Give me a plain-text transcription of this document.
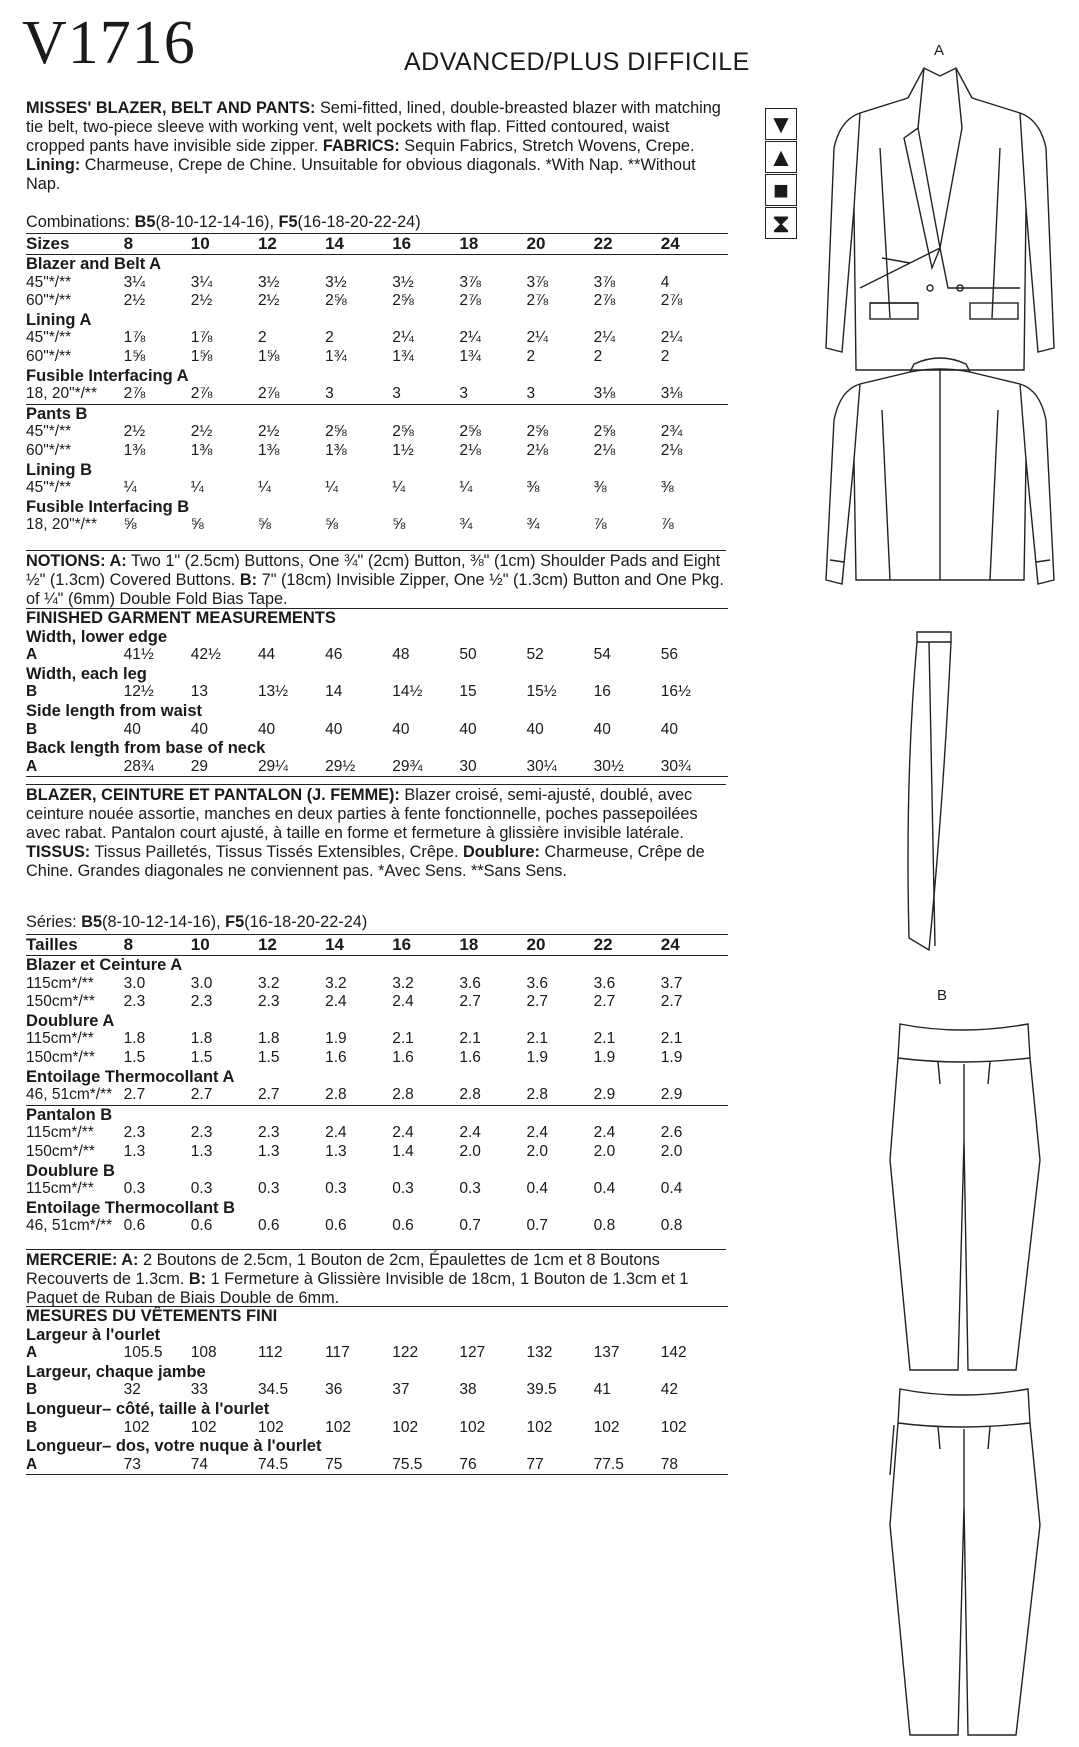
V1716	ADVANCED/PLUS DIFFICILE
MISSES' BLAZER, BELT AND PANTS: Semi-fitted, lined, double-breasted blazer with matching tie belt, two-piece sleeve with working vent, welt pockets with flap. Fitted contoured, waist cropped pants have invisible side zipper. FABRICS: Sequin Fabrics, Stretch Wovens, Crepe. Lining: Charmeuse, Crepe de Chine. Unsuitable for obvious diagonals. *With Nap. **Without Nap.
Combinations: B5(8-10-12-14-16), F5(16-18-20-22-24)
Sizes	8	10	12	14	16	18	20	22	24
Blazer and Belt A									
45"*/**	3¼	3¼	3½	3½	3½	3⅞	3⅞	3⅞	4
60"*/**	2½	2½	2½	2⅝	2⅝	2⅞	2⅞	2⅞	2⅞
Lining A									
45"*/**	1⅞	1⅞	2	2	2¼	2¼	2¼	2¼	2¼
60"*/**	1⅝	1⅝	1⅝	1¾	1¾	1¾	2	2	2
Fusible Interfacing A									
18, 20"*/**	2⅞	2⅞	2⅞	3	3	3	3	3⅛	3⅛
Pants B									
45"*/**	2½	2½	2½	2⅝	2⅝	2⅝	2⅝	2⅝	2¾
60"*/**	1⅜	1⅜	1⅜	1⅜	1½	2⅛	2⅛	2⅛	2⅛
Lining B									
45"*/**	¼	¼	¼	¼	¼	¼	⅜	⅜	⅜
Fusible Interfacing B									
18, 20"*/**	⅝	⅝	⅝	⅝	⅝	¾	¾	⅞	⅞
NOTIONS: A: Two 1" (2.5cm) Buttons, One ¾" (2cm) Button, ⅜" (1cm) Shoulder Pads and Eight ½" (1.3cm) Covered Buttons. B: 7" (18cm) Invisible Zipper, One ½" (1.3cm) Button and One Pkg. of ¼" (6mm) Double Fold Bias Tape.
FINISHED GARMENT MEASUREMENTS									
Width, lower edge									
A	41½	42½	44	46	48	50	52	54	56
Width, each leg									
B	12½	13	13½	14	14½	15	15½	16	16½
Side length from waist									
B	40	40	40	40	40	40	40	40	40
Back length from base of neck									
A	28¾	29	29¼	29½	29¾	30	30¼	30½	30¾

BLAZER, CEINTURE ET PANTALON (J. FEMME): Blazer croisé, semi-ajusté, doublé, avec ceinture nouée assortie, manches en deux parties à fente fonctionnelle, poches passepoilées avec rabat. Pantalon court ajusté, à taille en forme et fermeture à glissière invisible latérale. TISSUS: Tissus Pailletés, Tissus Tissés Extensibles, Crêpe. Doublure: Charmeuse, Crêpe de Chine. Grandes diagonales ne conviennent pas. *Avec Sens. **Sans Sens.
Séries: B5(8-10-12-14-16), F5(16-18-20-22-24)
Tailles	8	10	12	14	16	18	20	22	24
Blazer et Ceinture A									
115cm*/**	3.0	3.0	3.2	3.2	3.2	3.6	3.6	3.6	3.7
150cm*/**	2.3	2.3	2.3	2.4	2.4	2.7	2.7	2.7	2.7
Doublure A									
115cm*/**	1.8	1.8	1.8	1.9	2.1	2.1	2.1	2.1	2.1
150cm*/**	1.5	1.5	1.5	1.6	1.6	1.6	1.9	1.9	1.9
Entoilage Thermocollant A									
46, 51cm*/**	2.7	2.7	2.7	2.8	2.8	2.8	2.8	2.9	2.9
Pantalon B									
115cm*/**	2.3	2.3	2.3	2.4	2.4	2.4	2.4	2.4	2.6
150cm*/**	1.3	1.3	1.3	1.3	1.4	2.0	2.0	2.0	2.0
Doublure B									
115cm*/**	0.3	0.3	0.3	0.3	0.3	0.3	0.4	0.4	0.4
Entoilage Thermocollant B									
46, 51cm*/**	0.6	0.6	0.6	0.6	0.6	0.7	0.7	0.8	0.8
MERCERIE: A: 2 Boutons de 2.5cm, 1 Bouton de 2cm, Épaulettes de 1cm et 8 Boutons Recouverts de 1.3cm. B: 1 Fermeture à Glissière Invisible de 18cm, 1 Bouton de 1.3cm et 1 Paquet de Ruban de Biais Double de 6mm.
MESURES DU VÊTEMENTS FINI									
Largeur à l'ourlet									
A	105.5	108	112	117	122	127	132	137	142
Largeur, chaque jambe									
B	32	33	34.5	36	37	38	39.5	41	42
Longueur– côté, taille à l'ourlet									
B	102	102	102	102	102	102	102	102	102
Longueur– dos, votre nuque à l'ourlet									
A	73	74	74.5	75	75.5	76	77	77.5	78

▼
▲
■
⧗
A
B
